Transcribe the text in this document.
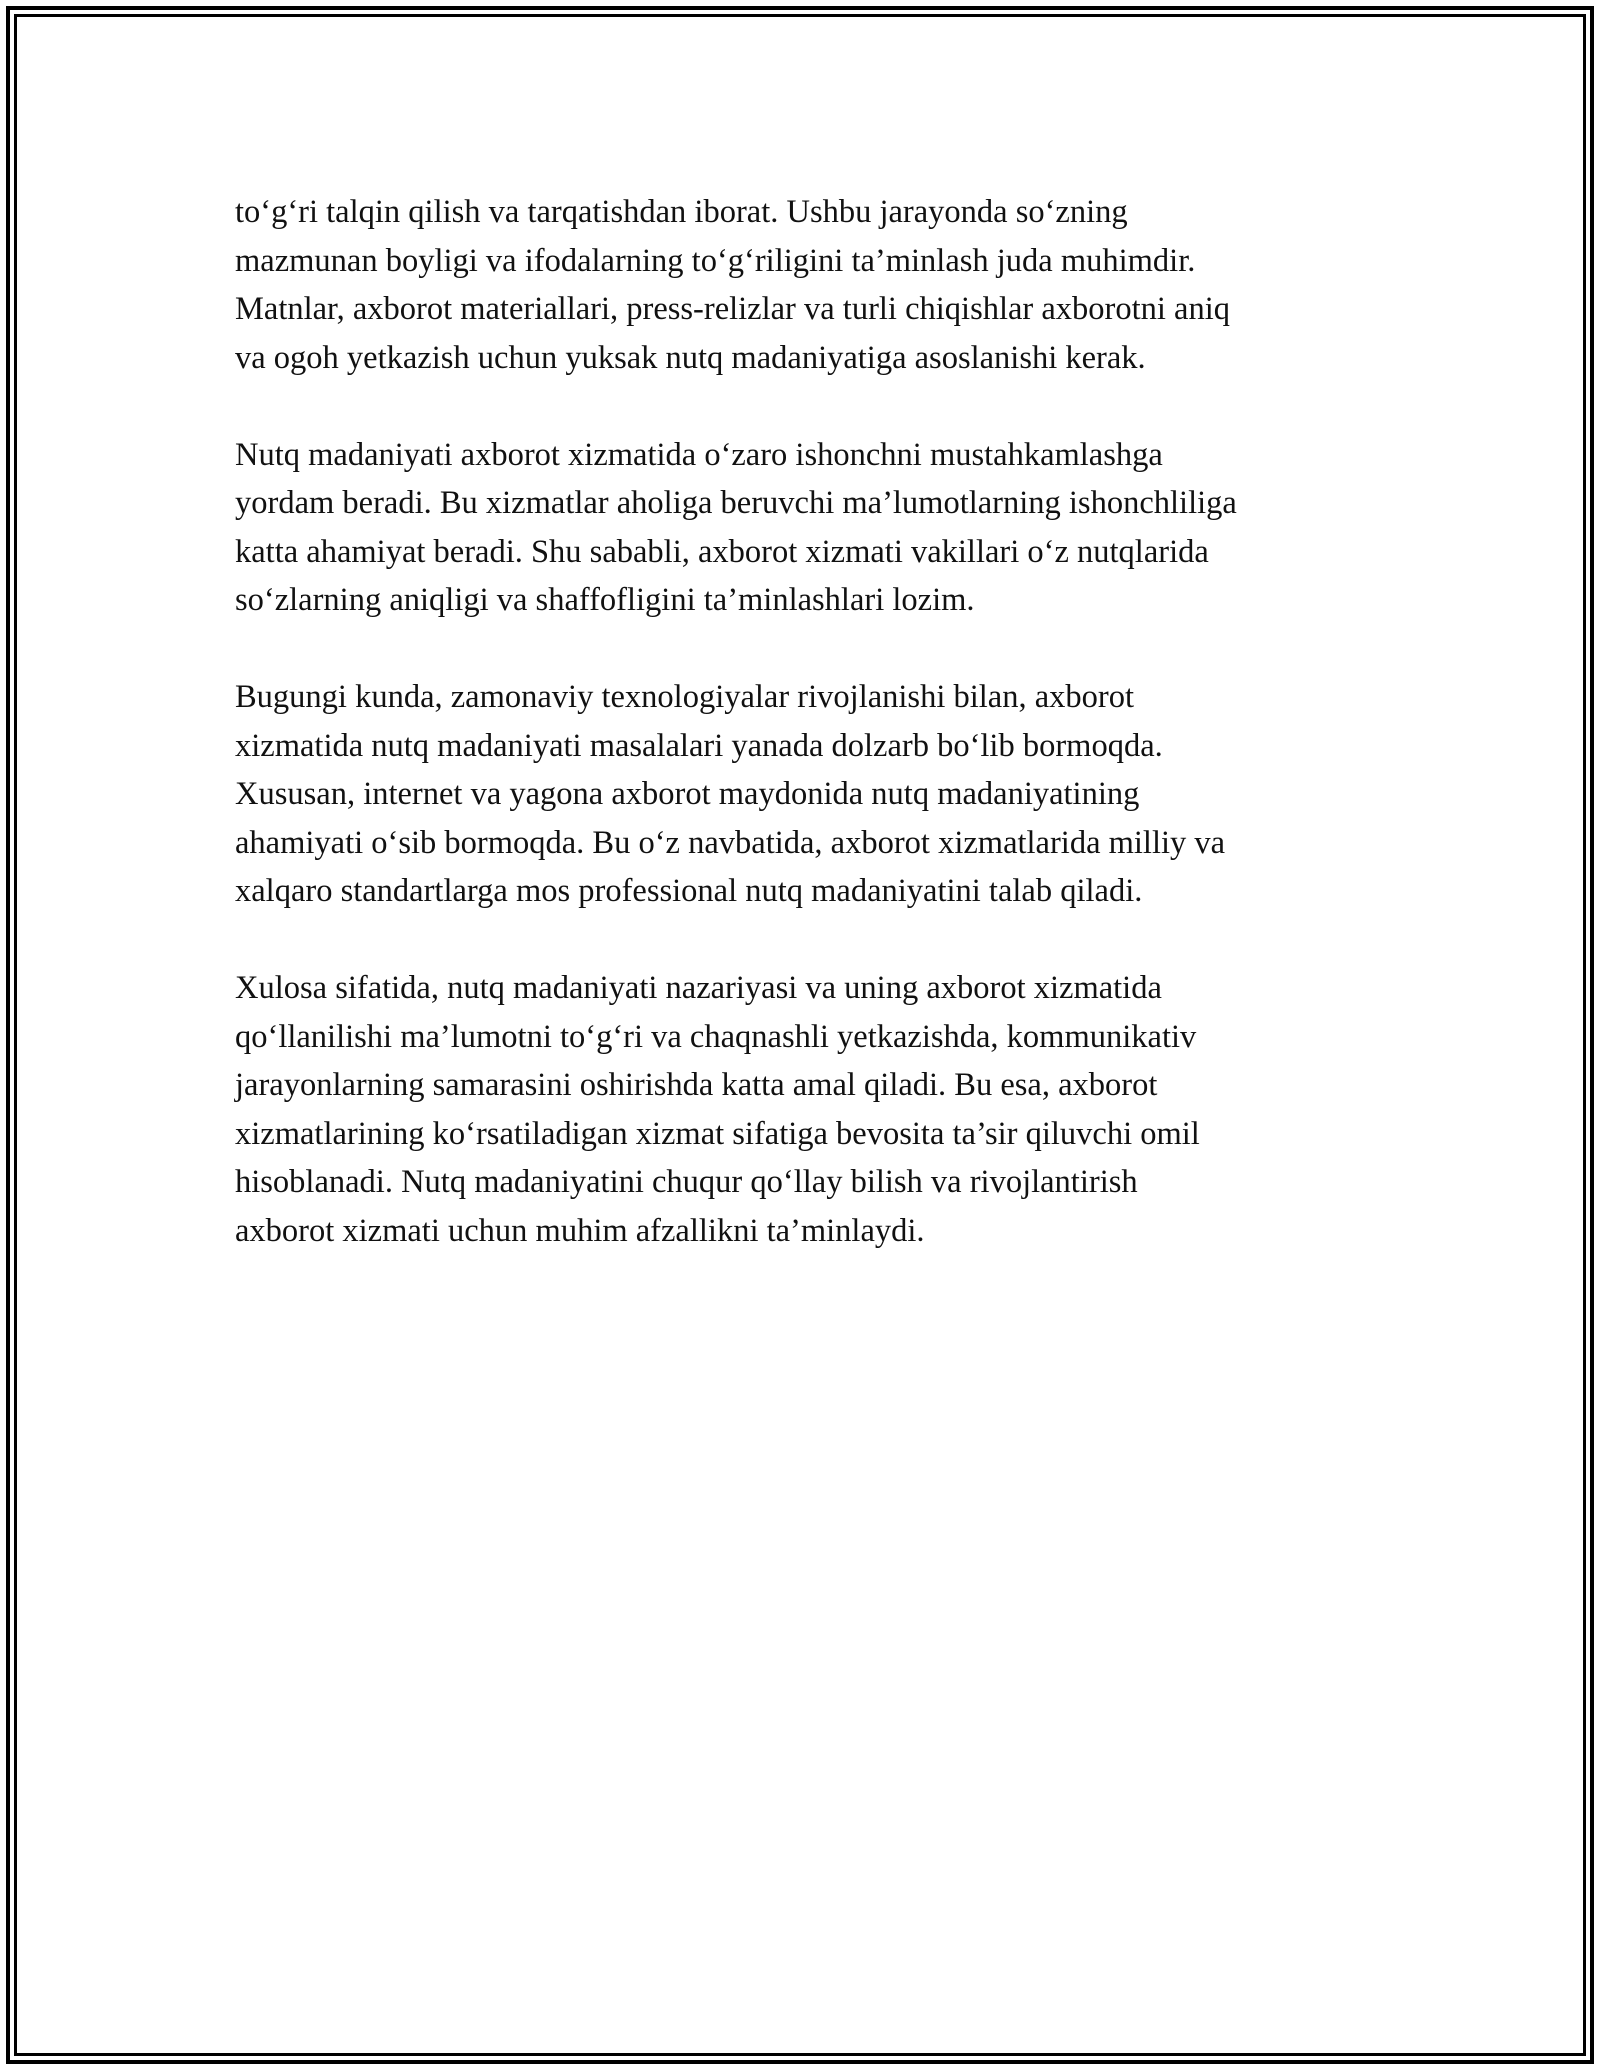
to‘g‘ri talqin qilish va tarqatishdan iborat. Ushbu jarayonda so‘zning
mazmunan boyligi va ifodalarning to‘g‘riligini ta’minlash juda muhimdir.
Matnlar, axborot materiallari, press-relizlar va turli chiqishlar axborotni aniq
va ogoh yetkazish uchun yuksak nutq madaniyatiga asoslanishi kerak.

Nutq madaniyati axborot xizmatida o‘zaro ishonchni mustahkamlashga
yordam beradi. Bu xizmatlar aholiga beruvchi ma’lumotlarning ishonchliliga
katta ahamiyat beradi. Shu sababli, axborot xizmati vakillari o‘z nutqlarida
so‘zlarning aniqligi va shaffofligini ta’minlashlari lozim.

Bugungi kunda, zamonaviy texnologiyalar rivojlanishi bilan, axborot
xizmatida nutq madaniyati masalalari yanada dolzarb bo‘lib bormoqda.
Xususan, internet va yagona axborot maydonida nutq madaniyatining
ahamiyati o‘sib bormoqda. Bu o‘z navbatida, axborot xizmatlarida milliy va
xalqaro standartlarga mos professional nutq madaniyatini talab qiladi.

Xulosa sifatida, nutq madaniyati nazariyasi va uning axborot xizmatida
qo‘llanilishi ma’lumotni to‘g‘ri va chaqnashli yetkazishda, kommunikativ
jarayonlarning samarasini oshirishda katta amal qiladi. Bu esa, axborot
xizmatlarining ko‘rsatiladigan xizmat sifatiga bevosita ta’sir qiluvchi omil
hisoblanadi. Nutq madaniyatini chuqur qo‘llay bilish va rivojlantirish
axborot xizmati uchun muhim afzallikni ta’minlaydi.
